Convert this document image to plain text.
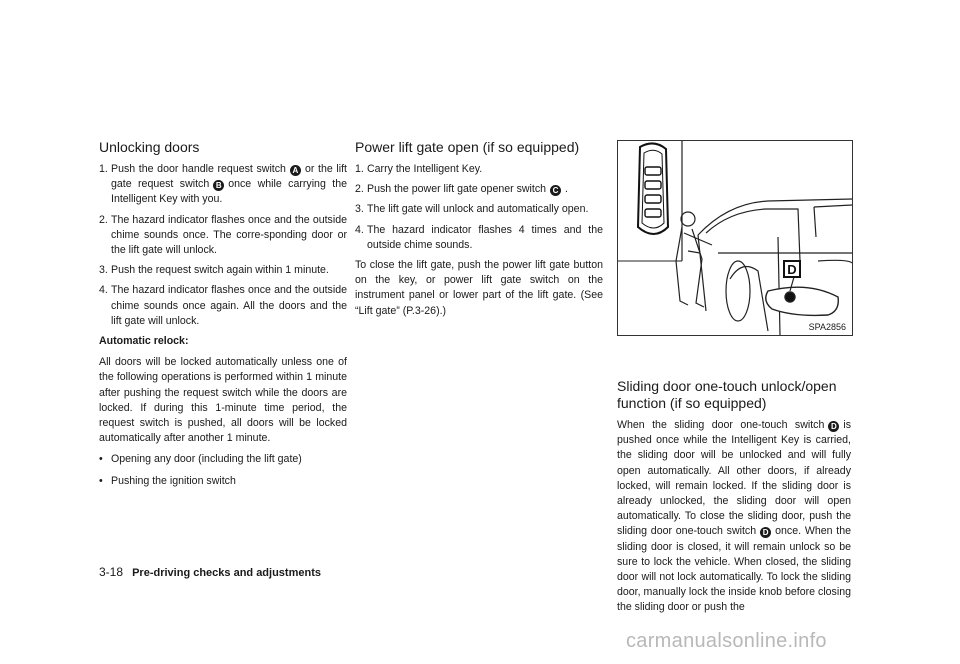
Unlocking doors
1. Push the door handle request switch A or the lift gate request switch B once while carrying the Intelligent Key with you.
2. The hazard indicator flashes once and the outside chime sounds once. The corre-sponding door or the lift gate will unlock.
3. Push the request switch again within 1 minute.
4. The hazard indicator flashes once and the outside chime sounds once again. All the doors and the lift gate will unlock.
Automatic relock:

All doors will be locked automatically unless one of the following operations is performed within 1 minute after pushing the request switch while the doors are locked. If during this 1-minute time period, the request switch is pushed, all doors will be locked automatically after another 1 minute.

• Opening any door (including the lift gate)
• Pushing the ignition switch
Power lift gate open (if so equipped)
1. Carry the Intelligent Key.
2. Push the power lift gate opener switch C .
3. The lift gate will unlock and automatically open.
4. The hazard indicator flashes 4 times and the outside chime sounds.

To close the lift gate, push the power lift gate button on the key, or power lift gate switch on the instrument panel or lower part of the lift gate. (See “Lift gate” (P.3-26).)

D
SPA2856
Sliding door one-touch unlock/open function (if so equipped)

When the sliding door one-touch switch D is pushed once while the Intelligent Key is carried, the sliding door will be unlocked and will fully open automatically. All other doors, if already locked, will remain locked. If the sliding door is already unlocked, the sliding door will open automatically. To close the sliding door, push the sliding door one-touch switch D once. When the sliding door is closed, it will remain unlock so be sure to lock the vehicle. When closed, the sliding door will not lock automatically. To lock the sliding door, manually lock the inside knob before closing the sliding door or push the

3-18 Pre-driving checks and adjustments
carmanualsonline.info
